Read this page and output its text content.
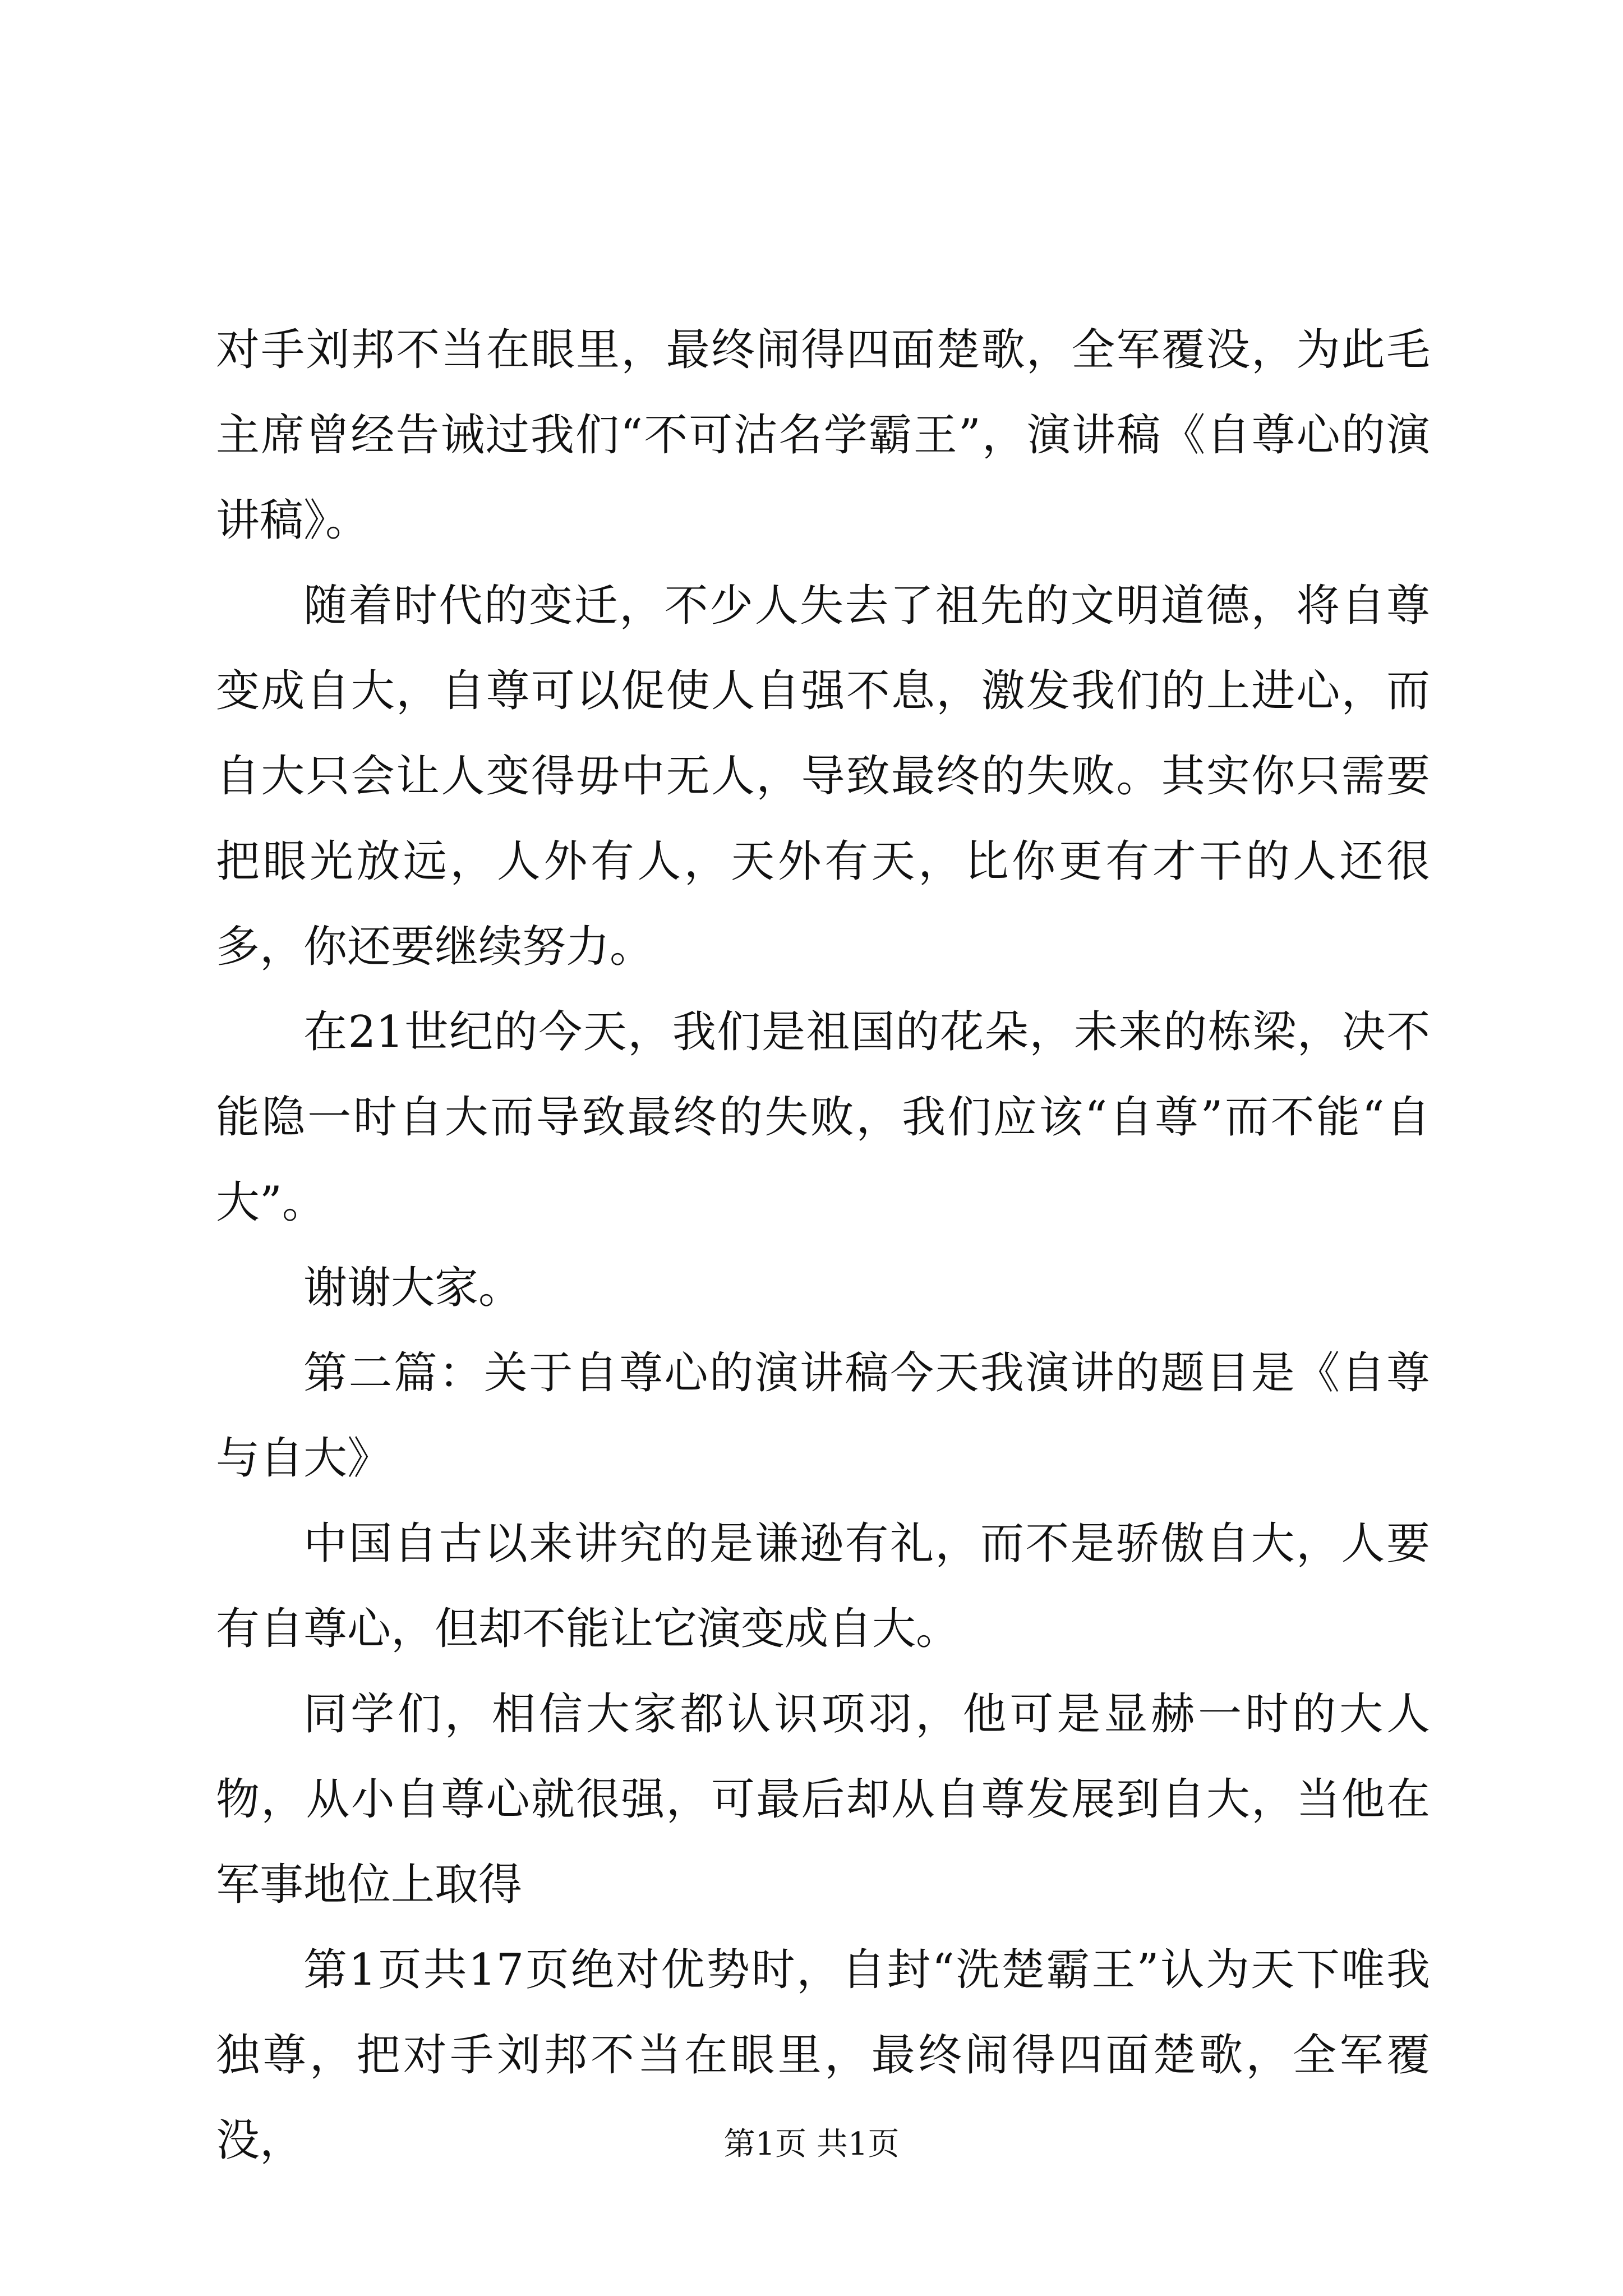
对手刘邦不当在眼里，最终闹得四面楚歌，全军覆没，为此毛主席曾经告诫过我们“不可沽名学霸王”，演讲稿《自尊心的演讲稿》。

随着时代的变迁，不少人失去了祖先的文明道德，将自尊变成自大，自尊可以促使人自强不息，激发我们的上进心，而自大只会让人变得毋中无人，导致最终的失败。其实你只需要把眼光放远，人外有人，天外有天，比你更有才干的人还很多，你还要继续努力。

在21世纪的今天，我们是祖国的花朵，未来的栋梁，决不能隐一时自大而导致最终的失败，我们应该“自尊”而不能“自大”。

谢谢大家。

第二篇：关于自尊心的演讲稿今天我演讲的题目是《自尊与自大》

中国自古以来讲究的是谦逊有礼，而不是骄傲自大，人要有自尊心，但却不能让它演变成自大。

同学们，相信大家都认识项羽，他可是显赫一时的大人物，从小自尊心就很强，可最后却从自尊发展到自大，当他在军事地位上取得

第1页共17页绝对优势时，自封“洗楚霸王”认为天下唯我独尊，把对手刘邦不当在眼里，最终闹得四面楚歌，全军覆没，	第1页 共1页
